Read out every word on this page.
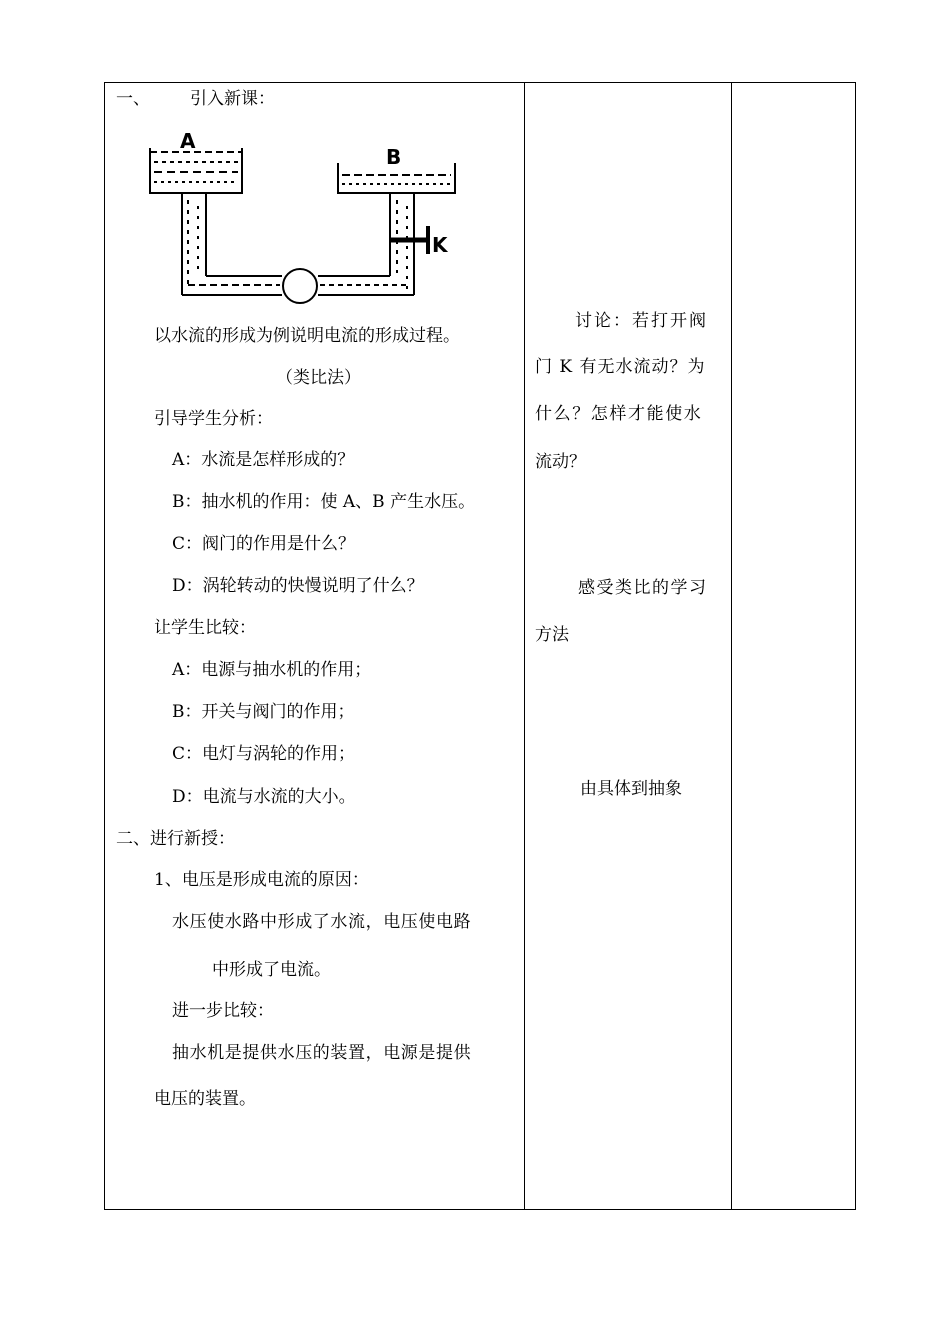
一、 引入新课：
A
B
K
以水流的形成为例说明电流的形成过程。
（类比法）
引导学生分析：
A：水流是怎样形成的？
B：抽水机的作用：使 A、B 产生水压。
C：阀门的作用是什么？
D：涡轮转动的快慢说明了什么？
让学生比较：
A：电源与抽水机的作用；
B：开关与阀门的作用；
C：电灯与涡轮的作用；
D：电流与水流的大小。
二、进行新授：
1、电压是形成电流的原因：
水压使水路中形成了水流，电压使电路
中形成了电流。
进一步比较：
抽水机是提供水压的装置，电源是提供
电压的装置。
讨论：若打开阀
门 K 有无水流动？为
什么？怎样才能使水
流动？
感受类比的学习
方法
由具体到抽象
